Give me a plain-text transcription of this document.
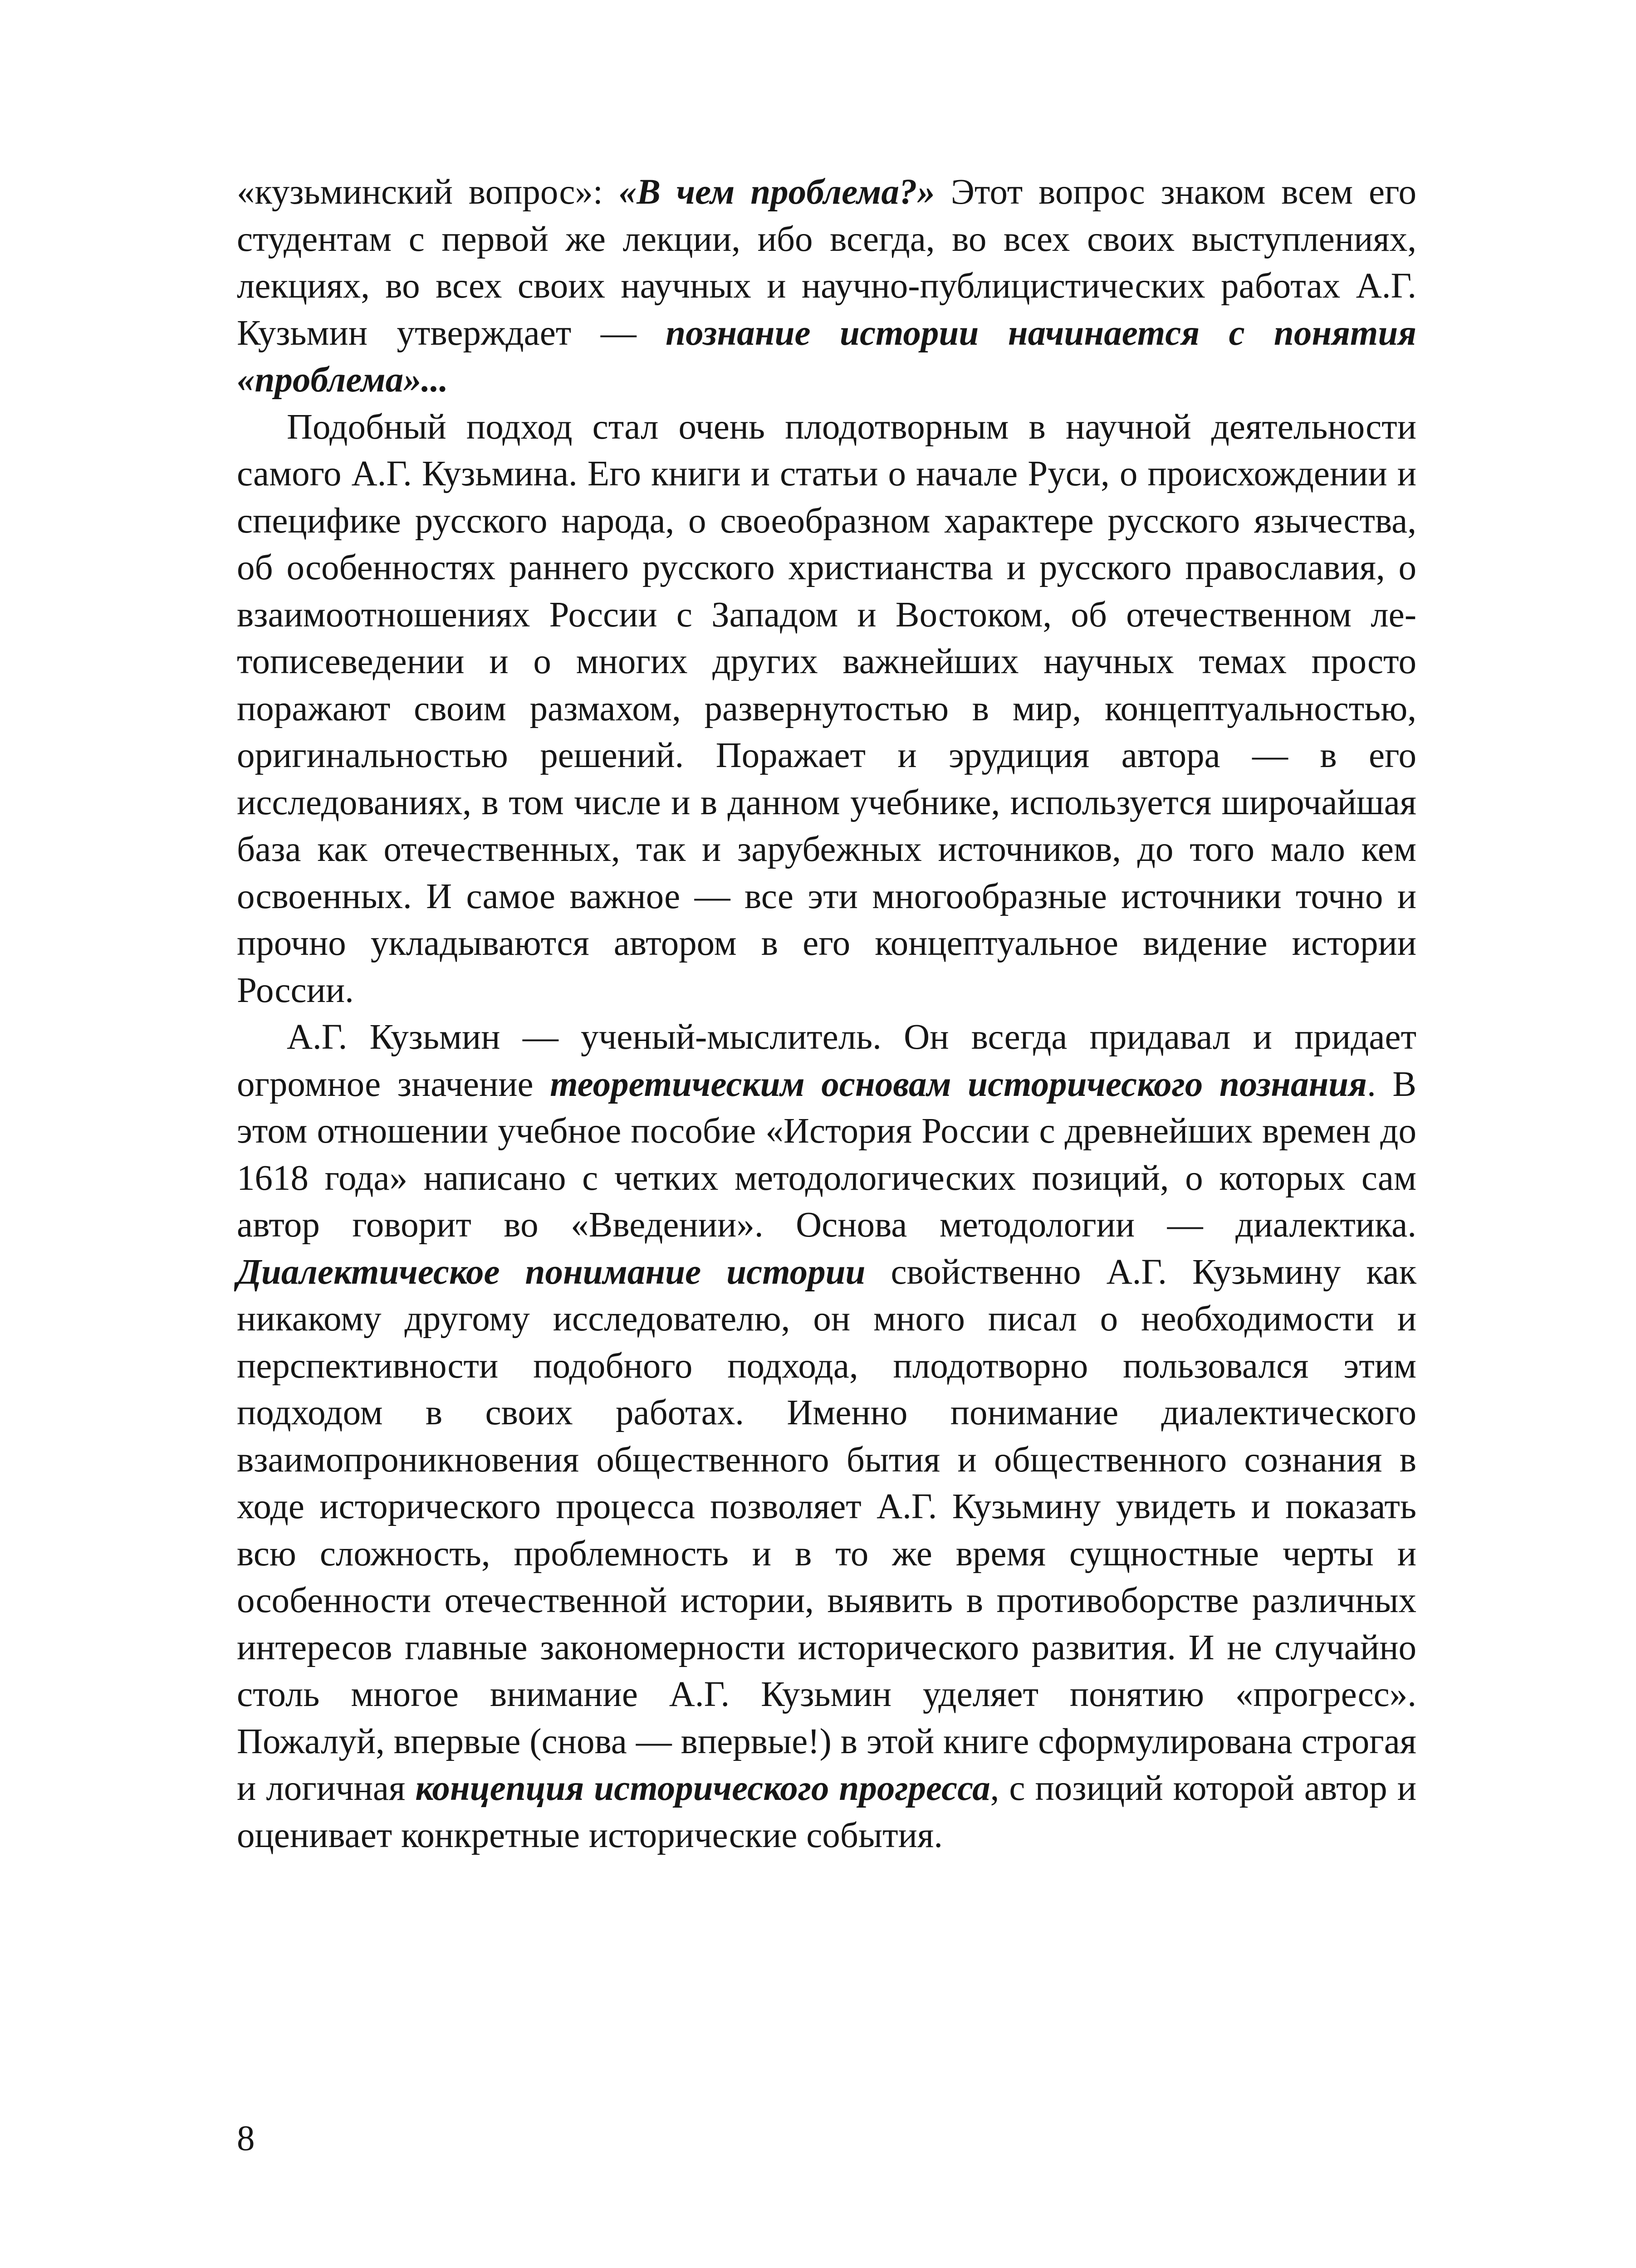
«кузьминский вопрос»: «В чем проблема?» Этот вопрос знаком всем его студентам с первой же лекции, ибо всегда, во всех своих выступлениях, лекциях, во всех своих научных и научно-публицистических работах А.Г. Кузьмин утверждает — познание истории начинается с понятия «проблема»...

Подобный подход стал очень плодотворным в научной деятельности самого А.Г. Кузьмина. Его книги и статьи о начале Руси, о происхождении и специфике русского народа, о своеобразном характере русского язычества, об особенностях раннего русского христианства и русского православия, о взаимоотношениях России с Западом и Востоком, об отечественном летописеведении и о многих других важнейших научных темах просто поражают своим размахом, развернутостью в мир, концептуальностью, оригинальностью решений. Поражает и эрудиция автора — в его исследованиях, в том числе и в данном учебнике, используется широчайшая база как отечественных, так и зарубежных источников, до того мало кем освоенных. И самое важное — все эти многообразные источники точно и прочно укладываются автором в его концептуальное видение истории России.

А.Г. Кузьмин — ученый-мыслитель. Он всегда придавал и придает огромное значение теоретическим основам исторического познания. В этом отношении учебное пособие «История России с древнейших времен до 1618 года» написано с четких методологических позиций, о которых сам автор говорит во «Введении». Основа методологии — диалектика. Диалектическое понимание истории свойственно А.Г. Кузьмину как никакому другому исследователю, он много писал о необходимости и перспективности подобного подхода, плодотворно пользовался этим подходом в своих работах. Именно понимание диалектического взаимопроникновения общественного бытия и общественного сознания в ходе исторического процесса позволяет А.Г. Кузьмину увидеть и показать всю сложность, проблемность и в то же время сущностные черты и особенности отечественной истории, выявить в противоборстве различных интересов главные закономерности исторического развития. И не случайно столь многое внимание А.Г. Кузьмин уделяет понятию «прогресс». Пожалуй, впервые (снова — впервые!) в этой книге сформулирована строгая и логичная концепция исторического прогресса, с позиций которой автор и оценивает конкретные исторические события.

8
